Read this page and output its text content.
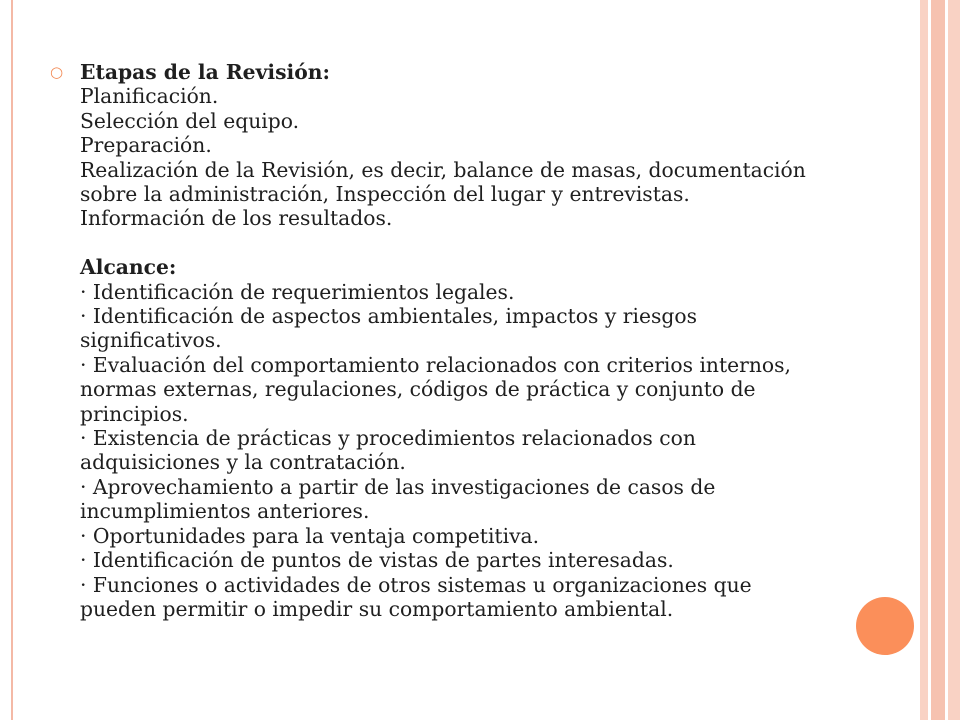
○ Etapas de la Revisión:
Planificación.
Selección del equipo.
Preparación.
Realización de la Revisión, es decir, balance de masas, documentación
sobre la administración, Inspección del lugar y entrevistas.
Información de los resultados.
Alcance:
· Identificación de requerimientos legales.
· Identificación de aspectos ambientales, impactos y riesgos
significativos.
· Evaluación del comportamiento relacionados con criterios internos,
normas externas, regulaciones, códigos de práctica y conjunto de
principios.
· Existencia de prácticas y procedimientos relacionados con
adquisiciones y la contratación.
· Aprovechamiento a partir de las investigaciones de casos de
incumplimientos anteriores.
· Oportunidades para la ventaja competitiva.
· Identificación de puntos de vistas de partes interesadas.
· Funciones o actividades de otros sistemas u organizaciones que
pueden permitir o impedir su comportamiento ambiental.
